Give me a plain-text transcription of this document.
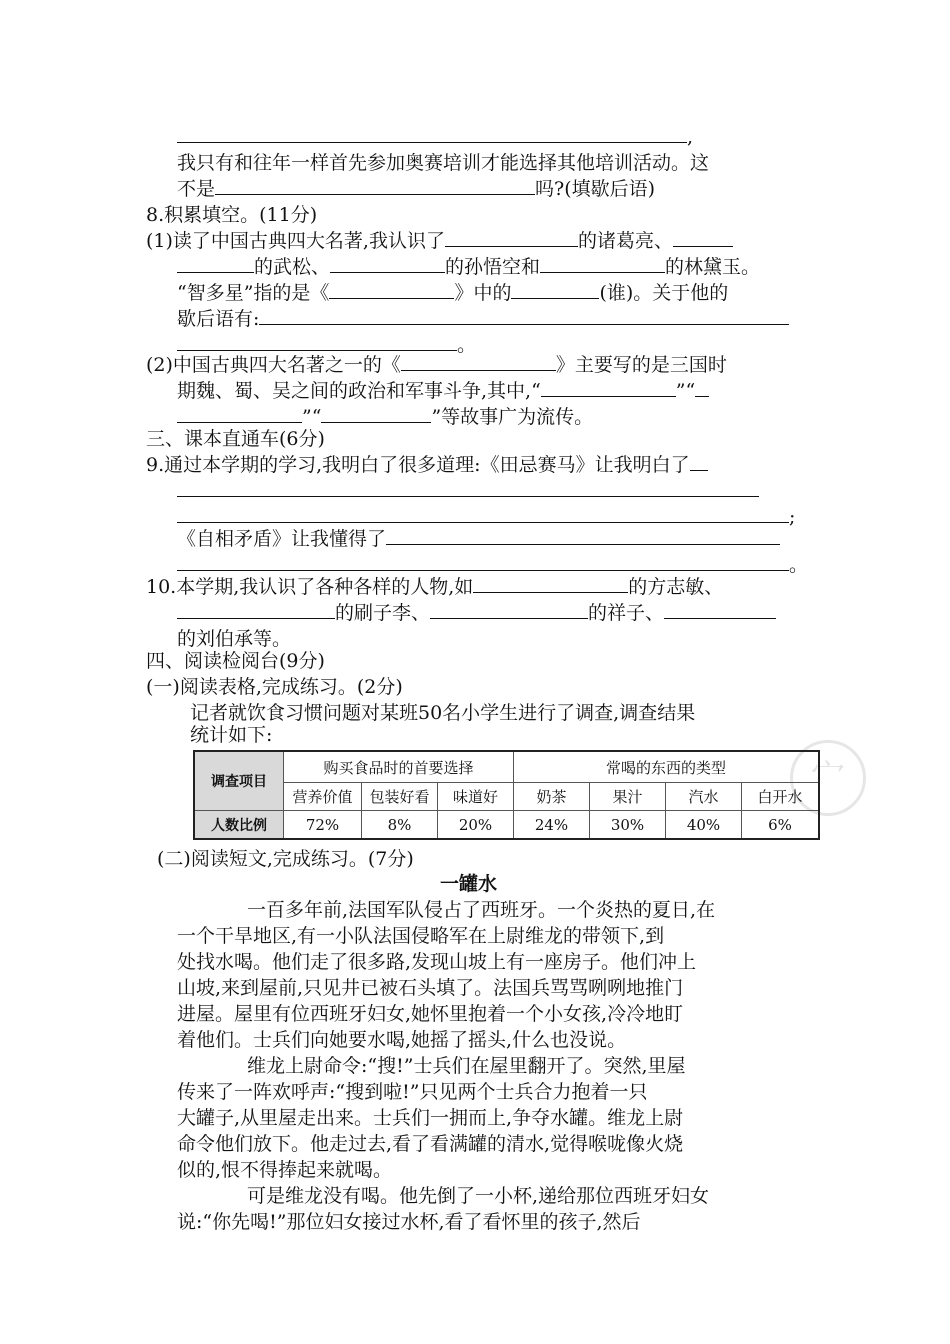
,
我只有和往年一样首先参加奥赛培训才能选择其他培训活动。这
不是	吗?(填歇后语)
8.积累填空。(11分)
(1)读了中国古典四大名著,我认识了	的诸葛亮、
的武松、	的孙悟空和	的林黛玉。
“智多星”指的是《	》中的	(谁)。关于他的
歇后语有:
。
(2)中国古典四大名著之一的《	》主要写的是三国时
期魏、蜀、吴之间的政治和军事斗争,其中,“	”“
”“	”等故事广为流传。
三、课本直通车(6分)
9.通过本学期的学习,我明白了很多道理:《田忌赛马》让我明白了
;
《自相矛盾》让我懂得了
。
10.本学期,我认识了各种各样的人物,如	的方志敏、
的刷子李、	的祥子、
的刘伯承等。
四、阅读检阅台(9分)
(一)阅读表格,完成练习。(2分)
记者就饮食习惯问题对某班50名小学生进行了调查,调查结果
统计如下:
宀
调查项目	购买食品时的首要选择			常喝的东西的类型			
	营养价值	包装好看	味道好	奶茶	果汁	汽水	白开水
人数比例	72%	8%	20%	24%	30%	40%	6%
(二)阅读短文,完成练习。(7分)
一罐水
一百多年前,法国军队侵占了西班牙。一个炎热的夏日,在
一个干旱地区,有一小队法国侵略军在上尉维龙的带领下,到
处找水喝。他们走了很多路,发现山坡上有一座房子。他们冲上
山坡,来到屋前,只见井已被石头填了。法国兵骂骂咧咧地推门
进屋。屋里有位西班牙妇女,她怀里抱着一个小女孩,冷冷地盯
着他们。士兵们向她要水喝,她摇了摇头,什么也没说。
维龙上尉命令:“搜!”士兵们在屋里翻开了。突然,里屋
传来了一阵欢呼声:“搜到啦!”只见两个士兵合力抱着一只
大罐子,从里屋走出来。士兵们一拥而上,争夺水罐。维龙上尉
命令他们放下。他走过去,看了看满罐的清水,觉得喉咙像火烧
似的,恨不得捧起来就喝。
可是维龙没有喝。他先倒了一小杯,递给那位西班牙妇女
说:“你先喝!”那位妇女接过水杯,看了看怀里的孩子,然后
